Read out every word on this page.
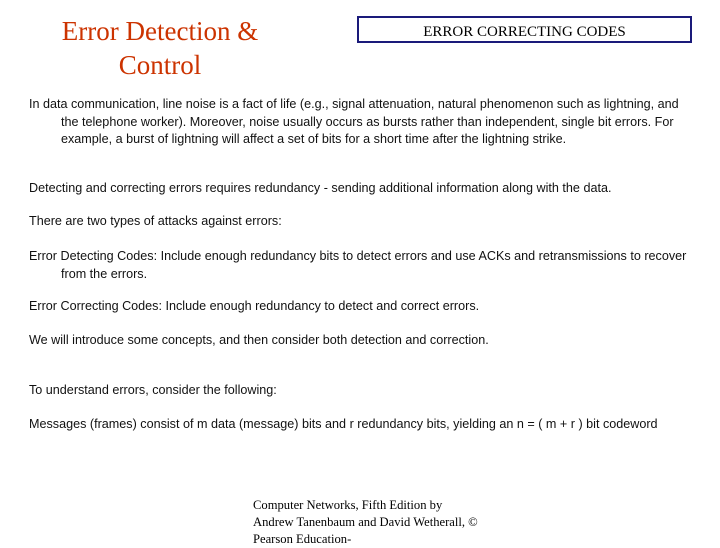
Error Detection & Control
ERROR CORRECTING CODES
In data communication, line noise is a fact of life (e.g., signal attenuation, natural phenomenon such as lightning, and the telephone worker). Moreover, noise usually occurs as bursts rather than independent, single bit errors. For example, a burst of lightning will affect a set of bits for a short time after the lightning strike.
Detecting and correcting errors requires redundancy - sending additional information along with the data.
There are two types of attacks against errors:
Error Detecting Codes: Include enough redundancy bits to detect errors and use ACKs and retransmissions to recover from the errors.
Error Correcting Codes: Include enough redundancy to detect and correct errors.
We will introduce some concepts, and then consider both detection and correction.
To understand errors, consider the following:
Messages (frames) consist of m data (message) bits and r redundancy bits, yielding an n = ( m + r ) bit codeword
Computer Networks, Fifth Edition by Andrew Tanenbaum and David Wetherall, © Pearson Education-
